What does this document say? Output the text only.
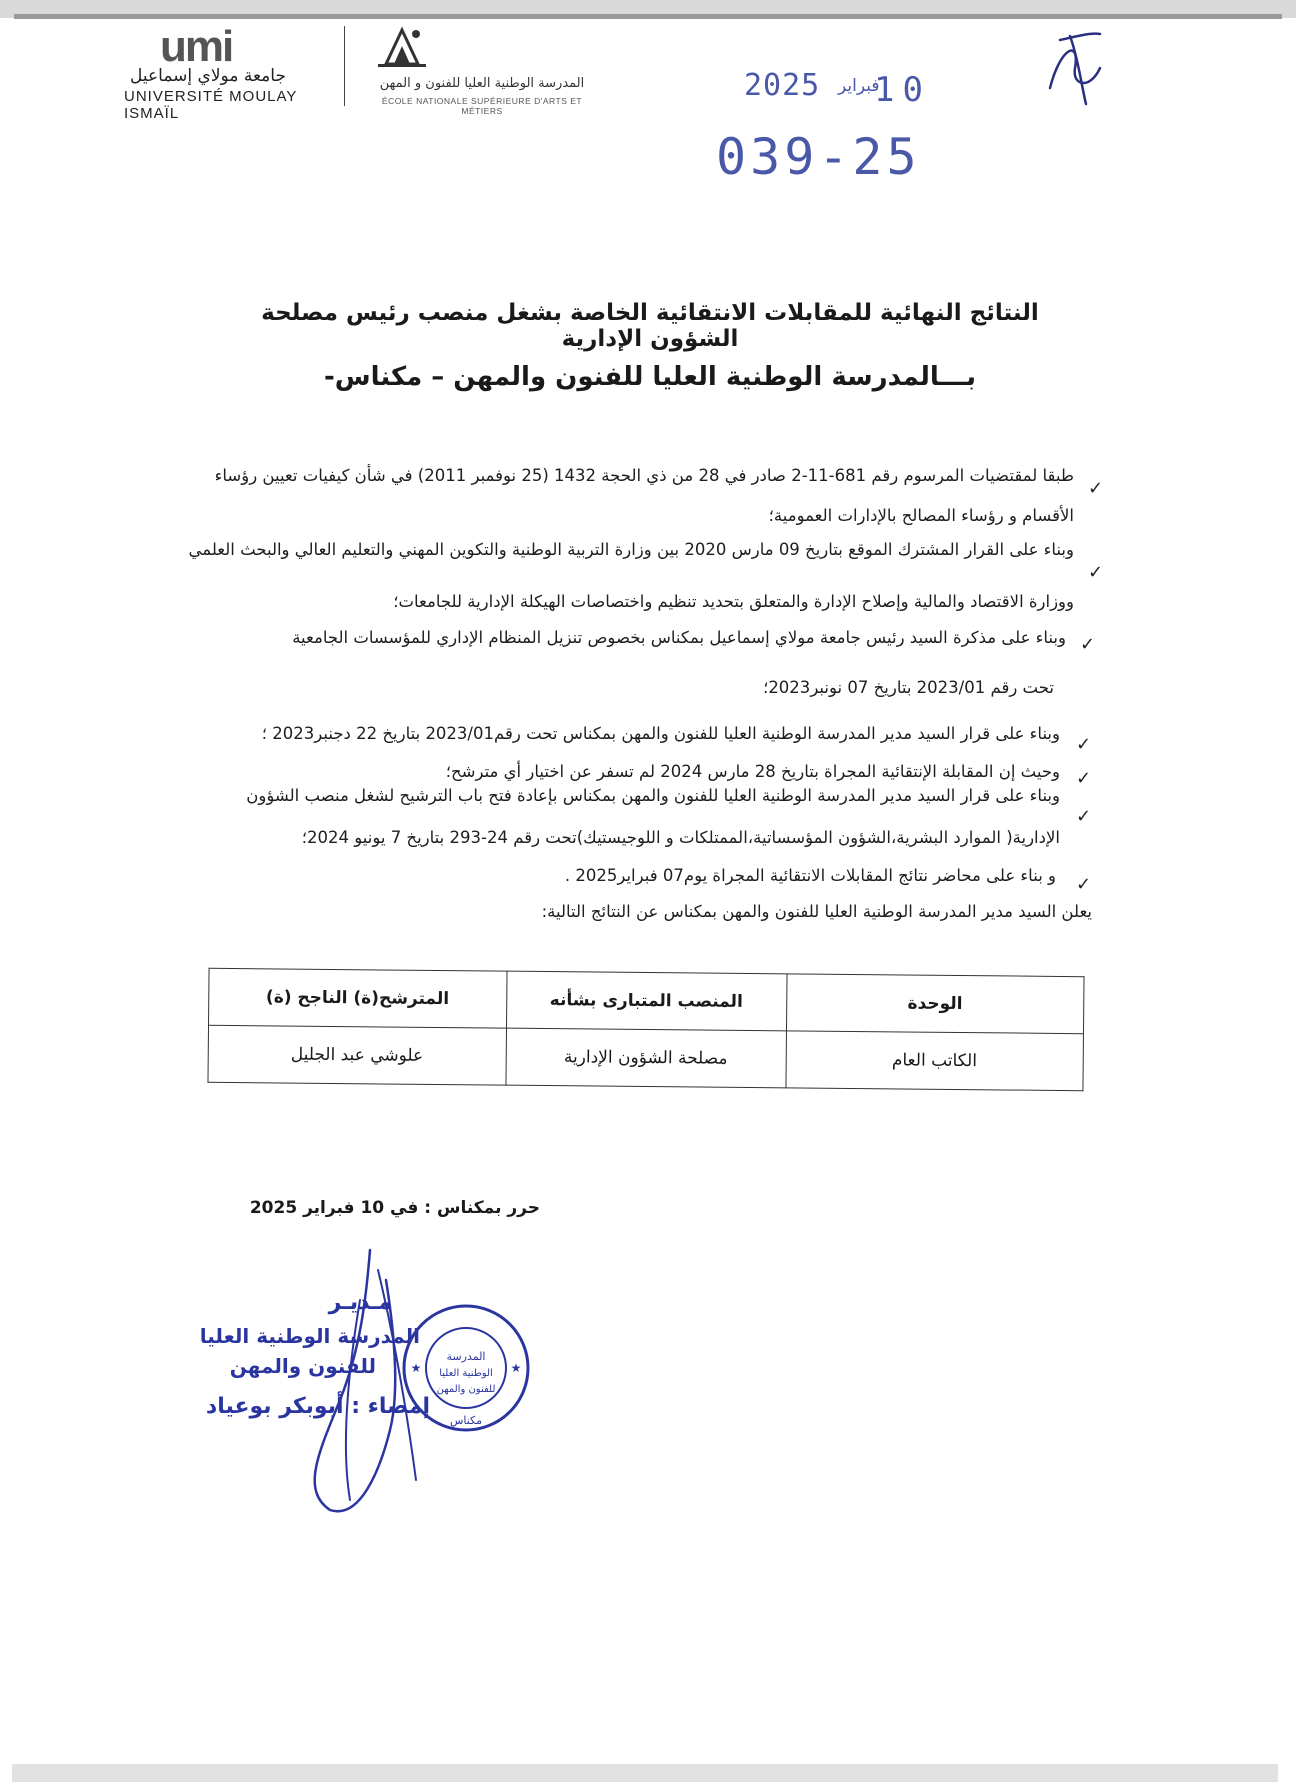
umi
جامعة مولاي إسماعيل
UNIVERSITÉ MOULAY ISMAÏL
المدرسة الوطنية العليا للفنون و المهن
ÉCOLE NATIONALE SUPÉRIEURE D'ARTS ET MÉTIERS
2025 فبراير
10
039-25
النتائج النهائية للمقابلات الانتقائية الخاصة بشغل منصب رئيس مصلحة الشؤون الإدارية
بـــالمدرسة الوطنية العليا للفنون والمهن – مكناس-
✓
طبقا لمقتضيات المرسوم رقم 681-11-2 صادر في 28 من ذي الحجة 1432 (25 نوفمبر 2011) في شأن كيفيات تعيين رؤساء
الأقسام و رؤساء المصالح بالإدارات العمومية؛
✓
وبناء على القرار المشترك الموقع بتاريخ 09 مارس 2020 بين وزارة التربية الوطنية والتكوين المهني والتعليم العالي والبحث العلمي
ووزارة الاقتصاد والمالية وإصلاح الإدارة والمتعلق بتحديد تنظيم واختصاصات الهيكلة الإدارية للجامعات؛
✓
وبناء على مذكرة السيد رئيس جامعة مولاي إسماعيل بمكناس بخصوص تنزيل المنظام الإداري للمؤسسات الجامعية
تحت رقم 2023/01 بتاريخ 07 نونبر2023؛
✓
وبناء على قرار السيد مدير المدرسة الوطنية العليا للفنون والمهن بمكناس تحت رقم2023/01 بتاريخ 22 دجنبر2023 ؛
✓
وحيث إن المقابلة الإنتقائية المجراة بتاريخ 28 مارس 2024 لم تسفر عن اختيار أي مترشح؛
✓
وبناء على قرار السيد مدير المدرسة الوطنية العليا للفنون والمهن بمكناس بإعادة فتح باب الترشيح لشغل منصب الشؤون
الإدارية( الموارد البشرية،الشؤون المؤسساتية،الممتلكات و اللوجيستيك)تحت رقم 24-293 بتاريخ 7 يونيو 2024؛
✓
و بناء على محاضر نتائج المقابلات الانتقائية المجراة يوم07 فبراير2025 .
يعلن السيد مدير المدرسة الوطنية العليا للفنون والمهن بمكناس عن النتائج التالية:
الوحدة	المنصب المتبارى بشأنه	المترشح(ة) الناجح (ة)
الكاتب العام	مصلحة الشؤون الإدارية	علوشي عبد الجليل
حرر بمكناس : في 10 فبراير 2025
مـديـر
المدرسة الوطنية العليا
للفنون والمهن
إمضاء : أبوبكر بوعياد
المدرسة
الوطنية العليا
للفنون والمهن
مكناس
★	★
